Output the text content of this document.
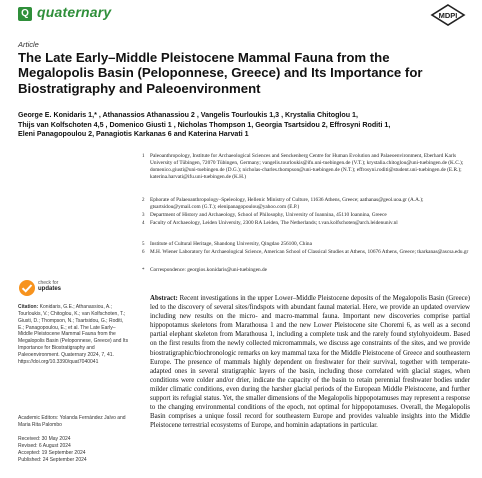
Q quaternary	MDPI
Article
The Late Early–Middle Pleistocene Mammal Fauna from the Megalopolis Basin (Peloponnese, Greece) and Its Importance for Biostratigraphy and Paleoenvironment
George E. Konidaris 1,* , Athanassios Athanassiou 2 , Vangelis Tourloukis 1,3 , Krystalia Chitoglou 1,
Thijs van Kolfschoten 4,5 , Domenico Giusti 1 , Nicholas Thompson 1, Georgia Tsartsidou 2, Effrosyni Roditi 1,
Eleni Panagopoulou 2, Panagiotis Karkanas 6 and Katerina Harvati 1
1 Paleoanthropology, Institute for Archaeological Sciences and Senckenberg Centre for Human Evolution and Palaeoenvironment, Eberhard Karls University of Tübingen, 72070 Tübingen, Germany; vangelis.tourloukis@ifu.uni-tuebingen.de (V.T.); krystalia.chitoglou@uni-tuebingen.de (K.C.); domenico.giusti@uni-tuebingen.de (D.G.); nicholas-charles.thompson@uni-tuebingen.de (N.T.); effrosyni.roditi@student.uni-tuebingen.de (E.R.); katerina.harvati@ifu.uni-tuebingen.de (K.H.)
2 Ephorate of Palaeoanthropology–Speleology, Hellenic Ministry of Culture, 11636 Athens, Greece; aathanas@geol.uoa.gr (A.A.); gtsartsidou@ymail.com (G.T.); elenipanagopoulou@yahoo.com (E.P.)
3 Department of History and Archaeology, School of Philosophy, University of Ioannina, 45110 Ioannina, Greece
4 Faculty of Archaeology, Leiden University, 2300 RA Leiden, The Netherlands; t.van.kolfschoten@arch.leidenuniv.nl
5 Institute of Cultural Heritage, Shandong University, Qingdao 256100, China
6 M.H. Wiener Laboratory for Archaeological Science, American School of Classical Studies at Athens, 10676 Athens, Greece; tkarkanas@ascsa.edu.gr
* Correspondence: georgios.konidaris@uni-tuebingen.de
check for
updates
Citation: Konidaris, G.E.; Athanassiou, A.; Tourloukis, V.; Chitoglou, K.; van Kolfschoten, T.; Giusti, D.; Thompson, N.; Tsartsidou, G.; Roditi, E.; Panagopoulou, E.; et al. The Late Early–Middle Pleistocene Mammal Fauna from the Megalopolis Basin (Peloponnese, Greece) and Its Importance for Biostratigraphy and Paleoenvironment. Quaternary 2024, 7, 41. https://doi.org/10.3390/quat7040041
Academic Editors: Yolanda Fernández Jalvo and Maria Rita Palombo
Received: 30 May 2024
Revised: 6 August 2024
Accepted: 19 September 2024
Published: 24 September 2024
Abstract: Recent investigations in the upper Lower–Middle Pleistocene deposits of the Megalopolis Basin (Greece) led to the discovery of several sites/findspots with abundant faunal material. Here, we provide an updated overview including new results on the micro- and macro-mammal fauna. Important new discoveries comprise partial hippopotamus skeletons from Marathousa 1 and the new Lower Pleistocene site Choremi 6, as well as a second partial elephant skeleton from Marathousa 1, including a complete tusk and the rarely found stylohyoideum. Based on the first results from the newly collected micromammals, we discuss age constraints of the sites, and we provide biostratigraphic/biochronologic remarks on key mammal taxa for the Middle Pleistocene of Greece and southeastern Europe. The presence of mammals highly dependent on freshwater for their survival, together with temperate-adapted ones in several stratigraphic layers of the basin, including those correlated with glacial stages, when conditions were colder and/or drier, indicate the capacity of the basin to retain perennial freshwater bodies under milder climatic conditions, even during the harsher glacial periods of the European Middle Pleistocene, and further support its refugial status. Yet, the smaller dimensions of the Megalopolis hippopotamuses may represent a response to the changing environmental conditions of the epoch, not optimal for hippopotamuses. Overall, the Megalopolis Basin comprises a unique fossil record for southeastern Europe and provides valuable insights into the Middle Pleistocene terrestrial ecosystems of Europe, and hominin adaptations in particular.
